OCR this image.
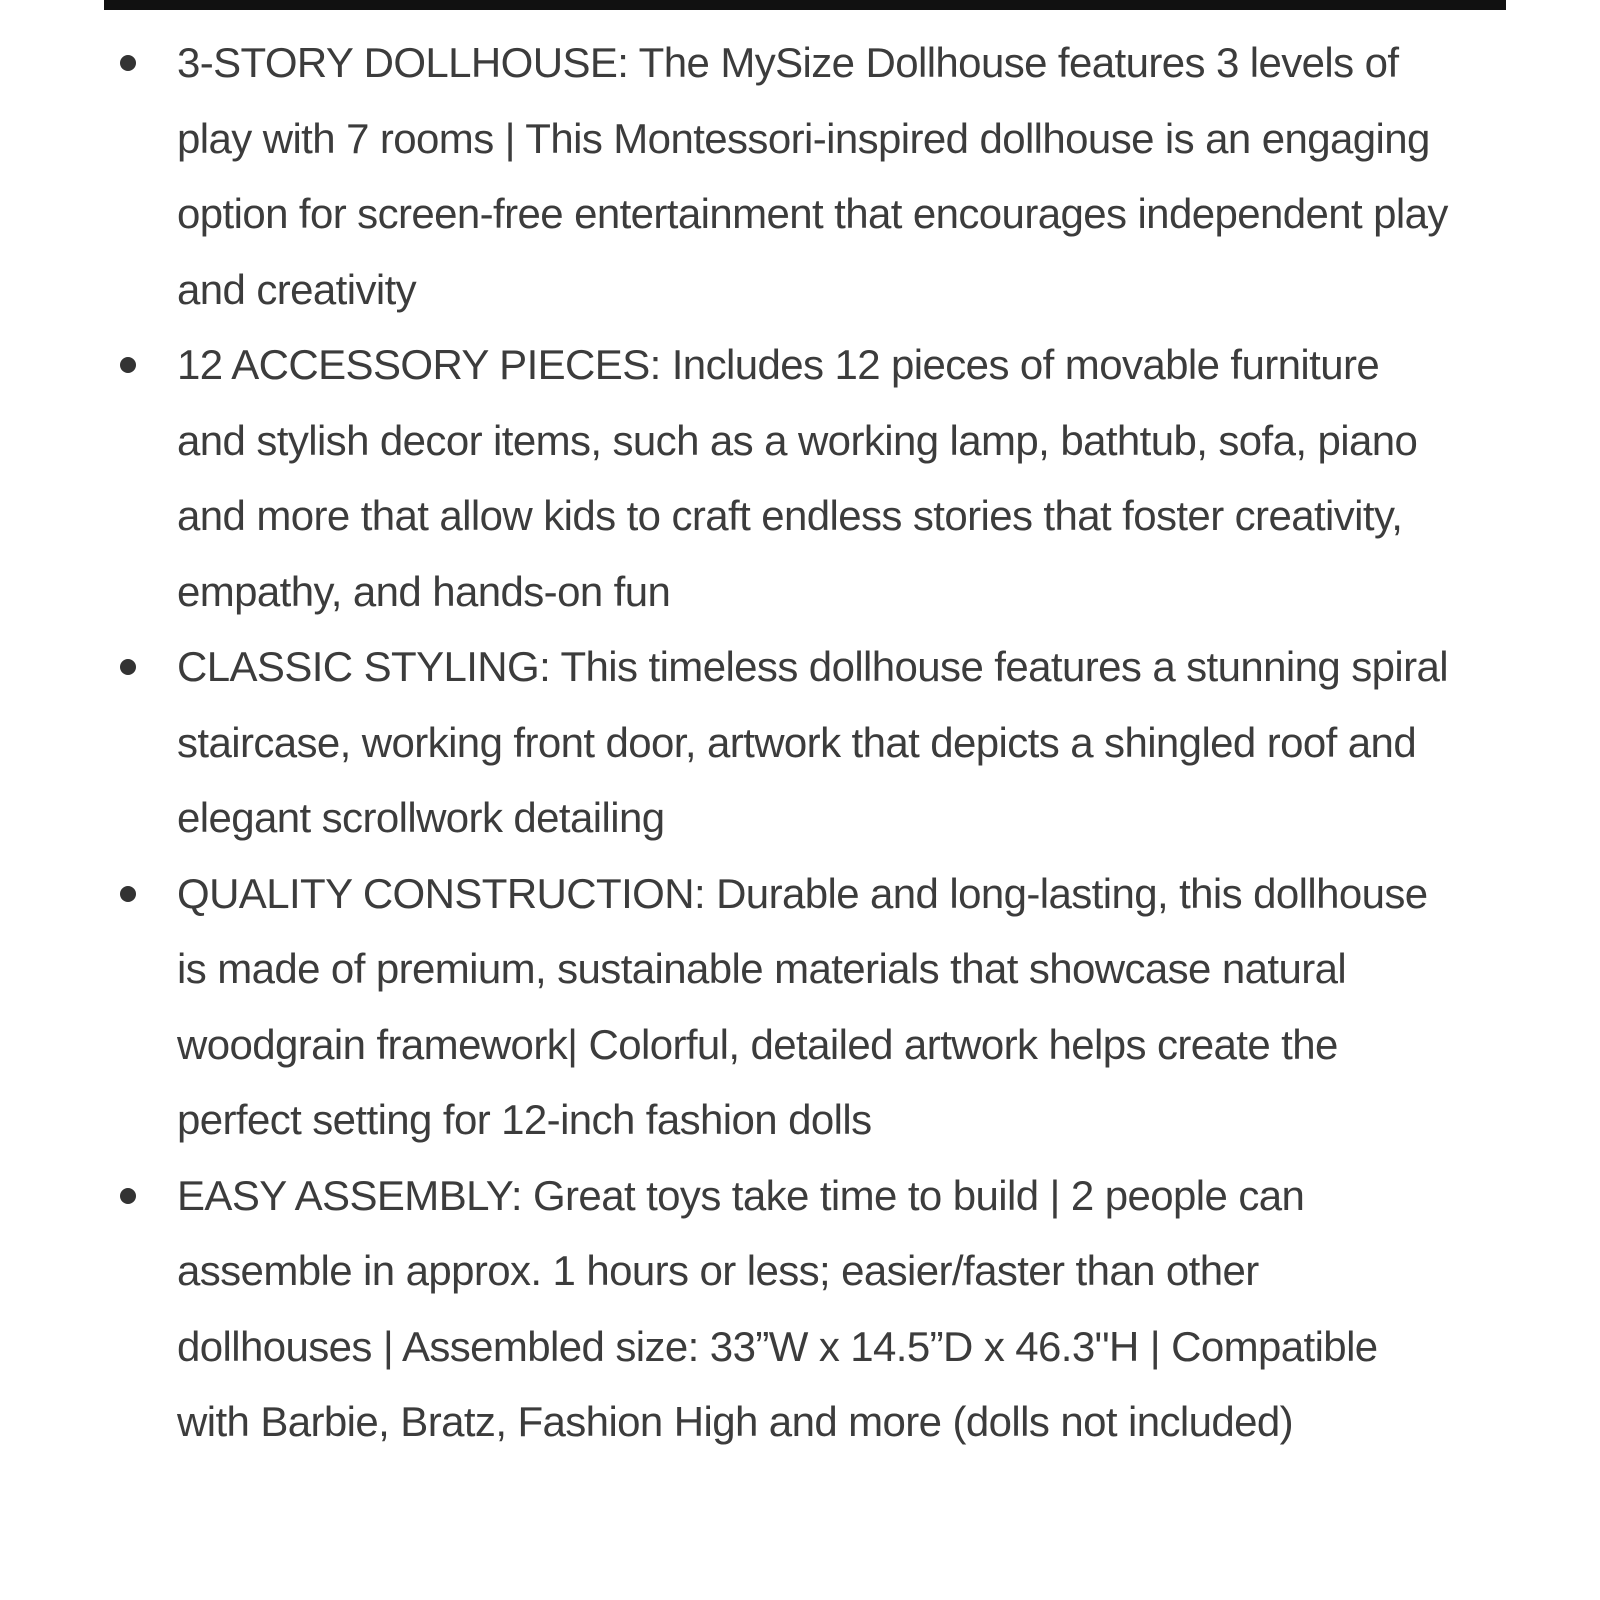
3-STORY DOLLHOUSE: The MySize Dollhouse features 3 levels of play with 7 rooms | This Montessori-inspired dollhouse is an engaging option for screen-free entertainment that encourages independent play and creativity
12 ACCESSORY PIECES: Includes 12 pieces of movable furniture and stylish decor items, such as a working lamp, bathtub, sofa, piano and more that allow kids to craft endless stories that foster creativity, empathy, and hands-on fun
CLASSIC STYLING: This timeless dollhouse features a stunning spiral staircase, working front door, artwork that depicts a shingled roof and elegant scrollwork detailing
QUALITY CONSTRUCTION: Durable and long-lasting, this dollhouse is made of premium, sustainable materials that showcase natural woodgrain framework| Colorful, detailed artwork helps create the perfect setting for 12-inch fashion dolls
EASY ASSEMBLY: Great toys take time to build | 2 people can assemble in approx. 1 hours or less; easier/faster than other dollhouses | Assembled size: 33”W x 14.5”D x 46.3"H | Compatible with Barbie, Bratz, Fashion High and more (dolls not included)
